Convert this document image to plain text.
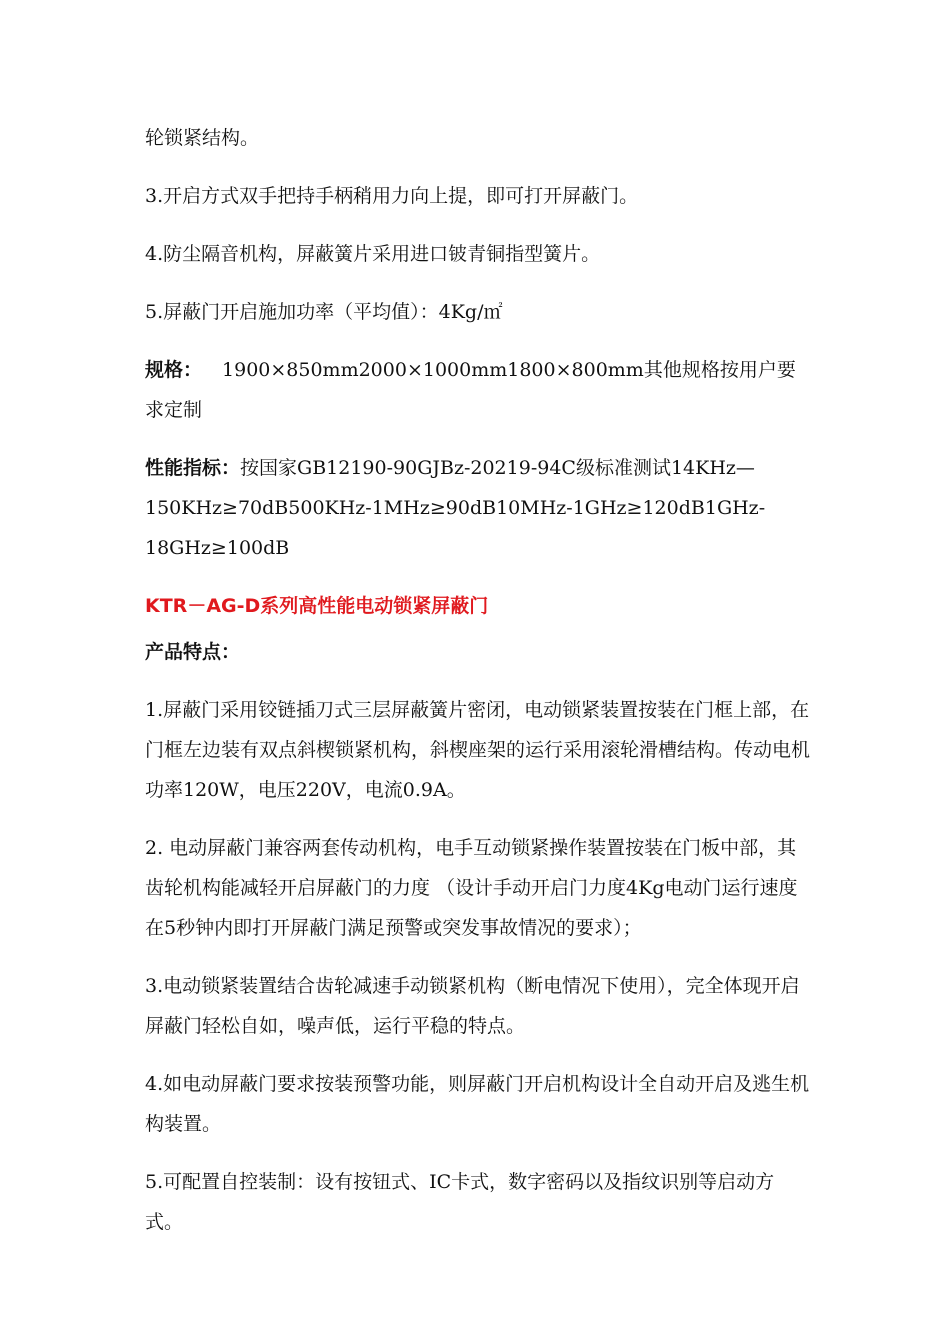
轮锁紧结构。

3.开启方式双手把持手柄稍用力向上提，即可打开屏蔽门。

4.防尘隔音机构，屏蔽簧片采用进口铍青铜指型簧片。

5.屏蔽门开启施加功率（平均值）：4Kg/㎡

规格： 1900×850mm2000×1000mm1800×800mm其他规格按用户要求定制

性能指标：按国家GB12190-90GJBz-20219-94C级标准测试14KHz—150KHz≥70dB500KHz-1MHz≥90dB10MHz-1GHz≥120dB1GHz-18GHz≥100dB

KTR－AG-D系列高性能电动锁紧屏蔽门

产品特点：

1.屏蔽门采用铰链插刀式三层屏蔽簧片密闭，电动锁紧装置按装在门框上部，在门框左边装有双点斜楔锁紧机构，斜楔座架的运行采用滚轮滑槽结构。传动电机功率120W，电压220V，电流0.9A。

2. 电动屏蔽门兼容两套传动机构，电手互动锁紧操作装置按装在门板中部，其齿轮机构能减轻开启屏蔽门的力度 （设计手动开启门力度4Kg电动门运行速度在5秒钟内即打开屏蔽门满足预警或突发事故情况的要求）；

3.电动锁紧装置结合齿轮减速手动锁紧机构（断电情况下使用），完全体现开启屏蔽门轻松自如，噪声低，运行平稳的特点。

4.如电动屏蔽门要求按装预警功能，则屏蔽门开启机构设计全自动开启及逃生机构装置。

5.可配置自控装制：设有按钮式、IC卡式，数字密码以及指纹识别等启动方式。
